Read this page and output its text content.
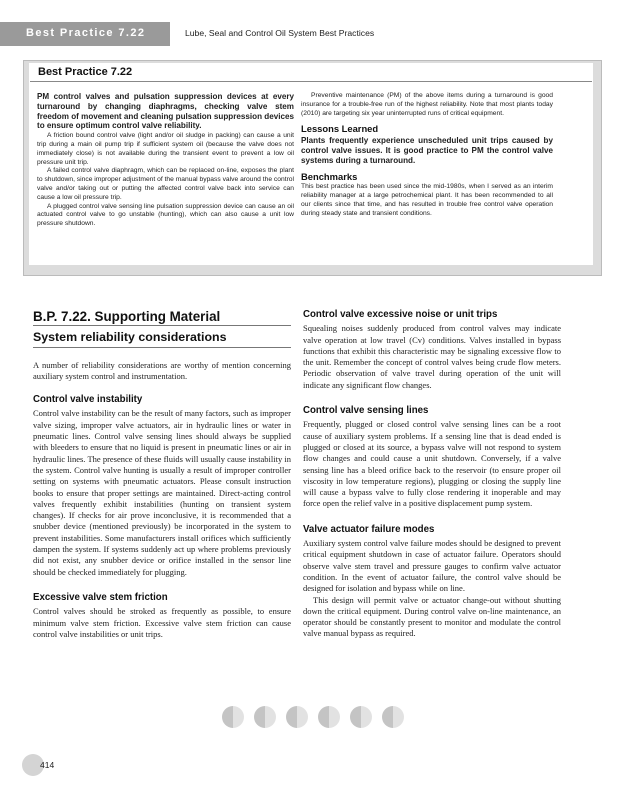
Best Practice 7.22	Lube, Seal and Control Oil System Best Practices
Best Practice 7.22

PM control valves and pulsation suppression devices at every turnaround by changing diaphragms, checking valve stem freedom of movement and cleaning pulsation suppression devices to ensure optimum control valve reliability.

A friction bound control valve (light and/or oil sludge in packing) can cause a unit trip during a main oil pump trip if sufficient system oil (because the valve does not immediately close) is not available during the transient event to prevent a low oil pressure unit trip.

A failed control valve diaphragm, which can be replaced on-line, exposes the plant to shutdown, since improper adjustment of the manual bypass valve around the control valve and/or taking out or putting the affected control valve back into service can cause a low oil pressure trip.

A plugged control valve sensing line pulsation suppression device can cause an oil actuated control valve to go unstable (hunting), which can also cause a unit low pressure shutdown.

Preventive maintenance (PM) of the above items during a turnaround is good insurance for a trouble-free run of the highest reliability. Note that most plants today (2010) are targeting six year uninterrupted runs of critical equipment.

Lessons Learned

Plants frequently experience unscheduled unit trips caused by control valve issues. It is good practice to PM the control valve systems during a turnaround.

Benchmarks

This best practice has been used since the mid-1980s, when I served as an interim reliability manager at a large petrochemical plant. It has been recommended to all our clients since that time, and has resulted in trouble free control valve operation during steady state and transient conditions.

B.P. 7.22. Supporting Material
System reliability considerations

A number of reliability considerations are worthy of mention concerning auxiliary system control and instrumentation.

Control valve instability

Control valve instability can be the result of many factors, such as improper valve sizing, improper valve actuators, air in hydraulic lines or water in pneumatic lines. Control valve sensing lines should always be supplied with bleeders to ensure that no liquid is present in pneumatic lines or air in hydraulic lines. The presence of these fluids will usually cause instability in the system. Control valve hunting is usually a result of improper controller setting on systems with pneumatic actuators. Please consult instruction books to ensure that proper settings are maintained. Direct-acting control valves frequently exhibit instabilities (hunting on transient system changes). If checks for air prove inconclusive, it is recommended that a snubber device (mentioned previously) be incorporated in the system to prevent instabilities. Some manufacturers install orifices which sufficiently dampen the system. If systems suddenly act up where problems previously did not exist, any snubber device or orifice installed in the sensor line should be checked immediately for plugging.

Excessive valve stem friction

Control valves should be stroked as frequently as possible, to ensure minimum valve stem friction. Excessive valve stem friction can cause control valve instabilities or unit trips.

Control valve excessive noise or unit trips

Squealing noises suddenly produced from control valves may indicate valve operation at low travel (Cv) conditions. Valves installed in bypass functions that exhibit this characteristic may be signaling excessive flow to the unit. Remember the concept of control valves being crude flow meters. Periodic observation of valve travel during operation of the unit will indicate any significant flow changes.

Control valve sensing lines

Frequently, plugged or closed control valve sensing lines can be a root cause of auxiliary system problems. If a sensing line that is dead ended is plugged or closed at its source, a bypass valve will not respond to system flow changes and could cause a unit shutdown. Conversely, if a valve sensing line has a bleed orifice back to the reservoir (to ensure proper oil viscosity in low temperature regions), plugging or closing the supply line will cause a bypass valve to fully close rendering it inoperable and may force open the relief valve in a positive displacement pump system.

Valve actuator failure modes

Auxiliary system control valve failure modes should be designed to prevent critical equipment shutdown in case of actuator failure. Operators should observe valve stem travel and pressure gauges to confirm valve actuator condition. In the event of actuator failure, the control valve should be designed for isolation and bypass while on line.

This design will permit valve or actuator change-out without shutting down the critical equipment. During control valve on-line maintenance, an operator should be constantly present to monitor and modulate the control valve manual bypass as required.

414
